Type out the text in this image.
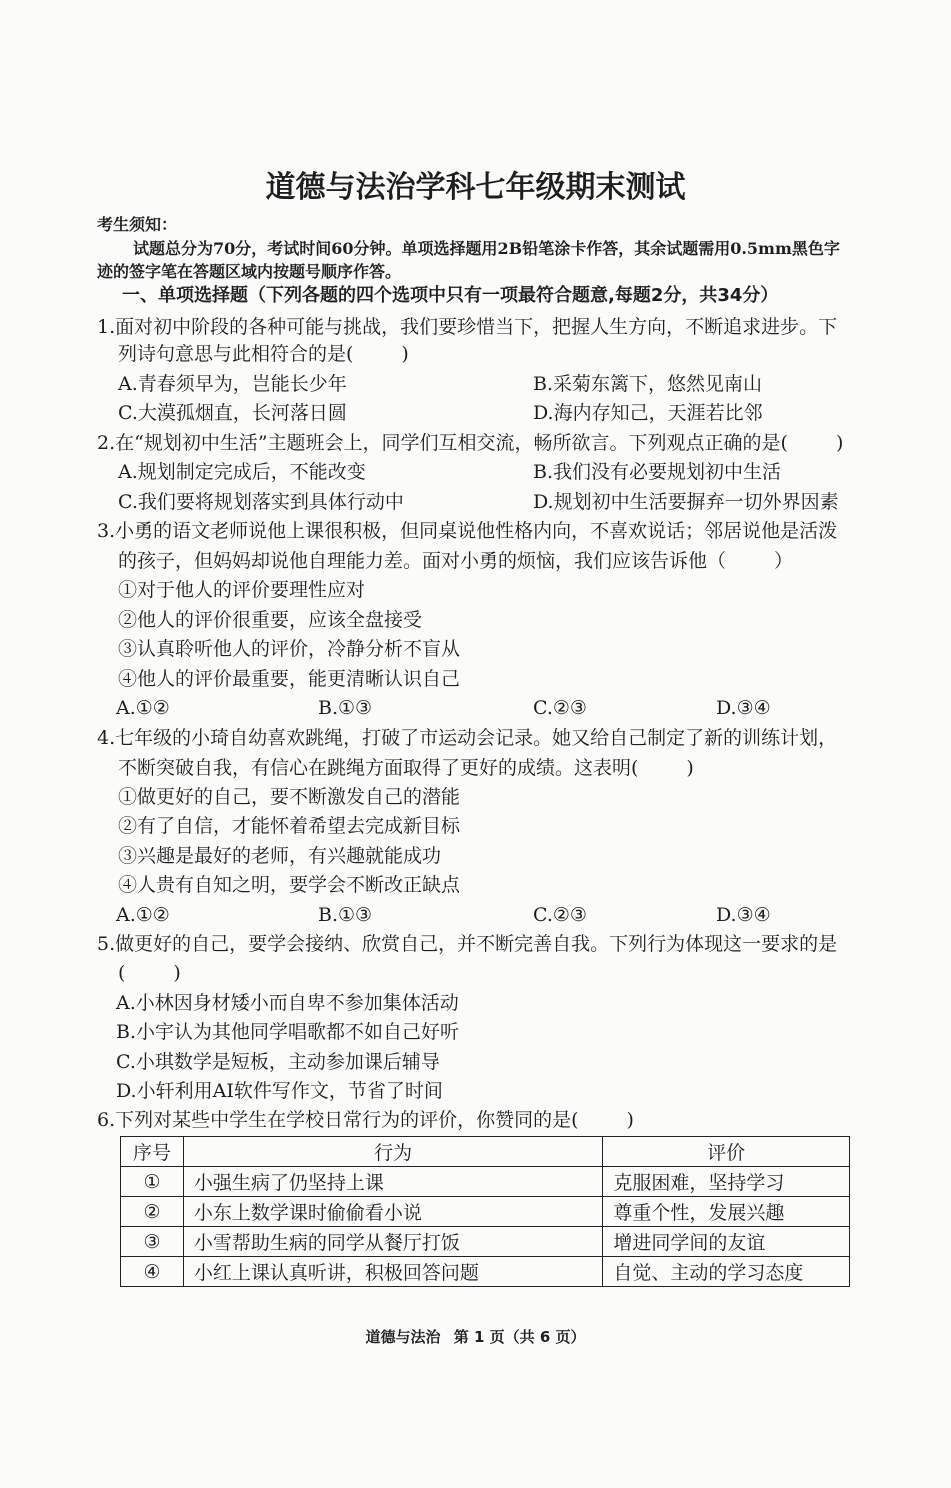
道德与法治学科七年级期末测试
考生须知：
试题总分为70分，考试时间60分钟。单项选择题用2B铅笔涂卡作答，其余试题需用0.5mm黑色字
迹的签字笔在答题区域内按题号顺序作答。
一、单项选择题（下列各题的四个选项中只有一项最符合题意,每题2分，共34分）
1.面对初中阶段的各种可能与挑战，我们要珍惜当下，把握人生方向，不断追求进步。下
列诗句意思与此相符合的是(	)
A.青春须早为，岂能长少年	B.采菊东篱下，悠然见南山
C.大漠孤烟直，长河落日圆	D.海内存知己，天涯若比邻
2.在“规划初中生活”主题班会上，同学们互相交流，畅所欲言。下列观点正确的是(	)
A.规划制定完成后，不能改变	B.我们没有必要规划初中生活
C.我们要将规划落实到具体行动中	D.规划初中生活要摒弃一切外界因素
3.小勇的语文老师说他上课很积极，但同桌说他性格内向，不喜欢说话；邻居说他是活泼
的孩子，但妈妈却说他自理能力差。面对小勇的烦恼，我们应该告诉他（	）
①对于他人的评价要理性应对
②他人的评价很重要，应该全盘接受
③认真聆听他人的评价，冷静分析不盲从
④他人的评价最重要，能更清晰认识自己
A.①②	B.①③	C.②③	D.③④
4.七年级的小琦自幼喜欢跳绳，打破了市运动会记录。她又给自己制定了新的训练计划，
不断突破自我，有信心在跳绳方面取得了更好的成绩。这表明(	)
①做更好的自己，要不断激发自己的潜能
②有了自信，才能怀着希望去完成新目标
③兴趣是最好的老师，有兴趣就能成功
④人贵有自知之明，要学会不断改正缺点
A.①②	B.①③	C.②③	D.③④
5.做更好的自己，要学会接纳、欣赏自己，并不断完善自我。下列行为体现这一要求的是
(	)
A.小林因身材矮小而自卑不参加集体活动
B.小宇认为其他同学唱歌都不如自己好听
C.小琪数学是短板，主动参加课后辅导
D.小轩利用AI软件写作文，节省了时间
6.下列对某些中学生在学校日常行为的评价，你赞同的是(	)
序号	行为	评价
①	小强生病了仍坚持上课	克服困难，坚持学习
②	小东上数学课时偷偷看小说	尊重个性，发展兴趣
③	小雪帮助生病的同学从餐厅打饭	增进同学间的友谊
④	小红上课认真听讲，积极回答问题	自觉、主动的学习态度
道德与法治 第 1 页（共 6 页）
